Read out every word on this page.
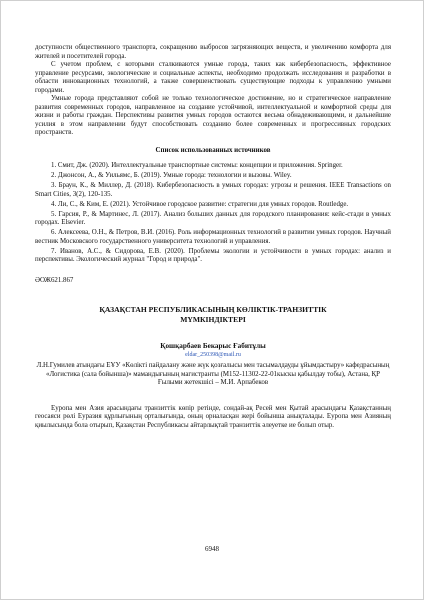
доступности общественного транспорта, сокращению выбросов загрязняющих веществ, и увеличению комфорта для жителей и посетителей города.

С учетом проблем, с которыми сталкиваются умные города, таких как кибербезопасность, эффективное управление ресурсами, экологические и социальные аспекты, необходимо продолжать исследования и разработки в области инновационных технологий, а также совершенствовать существующие подходы к управлению умными городами.

Умные города представляют собой не только технологическое достижение, но и стратегическое направление развития современных городов, направленное на создание устойчивой, интеллектуальной и комфортной среды для жизни и работы граждан. Перспективы развития умных городов остаются весьма обнадеживающими, и дальнейшие усилия в этом направлении будут способствовать созданию более современных и прогрессивных городских пространств.

Список использованных источников

1. Смит, Дж. (2020). Интеллектуальные транспортные системы: концепции и приложения. Springer.

2. Джонсон, А., & Уильямс, Б. (2019). Умные города: технологии и вызовы. Wiley.

3. Браун, К., & Миллер, Д. (2018). Кибербезопасность в умных городах: угрозы и решения. IEEE Transactions on Smart Cities, 3(2), 120-135.

4. Ли, С., & Ким, Е. (2021). Устойчивое городское развитие: стратегии для умных городов. Routledge.

5. Гарсия, Р., & Мартинес, Л. (2017). Анализ больших данных для городского планирования: кейс-стади в умных городах. Elsevier.

6. Алексеева, О.Н., & Петров, В.И. (2016). Роль информационных технологий в развитии умных городов. Научный вестник Московского государственного университета технологий и управления.

7. Иванов, А.С., & Сидорова, Е.В. (2020). Проблемы экологии и устойчивости в умных городах: анализ и перспективы. Экологический журнал "Город и природа".

ӘОЖ621.867

ҚАЗАҚСТАН РЕСПУБЛИКАСЫНЫҢ КӨЛІКТІК-ТРАНЗИТТІК
МҮМКІНДІКТЕРІ

Қошқарбаев Бекарыс Ғабитұлы

eldar_250398@mail.ru

Л.Н.Гумилев атындағы ЕҰУ «Көлікті пайдалану және жүк қозғалысы мен тасымалдауды ұйымдастыру» кафедрасының «Логистика (сала бойынша)» мамандығының магистранты (М152-11302-22-01кыскы қабылдау тобы), Астана, ҚР

Ғылыми жетекшісі – М.И. Арпабеков

Еуропа мен Азия арасындағы транзиттік көпір ретінде, сондай-ақ Ресей мен Қытай арасындағы Қазақстанның геосаяси рөлі Еуразия құрлығының орталығында, оның орналасқан жері бойынша анықталады. Еуропа мен Азияның қиылысында бола отырып, Қазақстан Республикасы айтарлықтай транзиттік әлеуетке ие болып отыр.

6948
